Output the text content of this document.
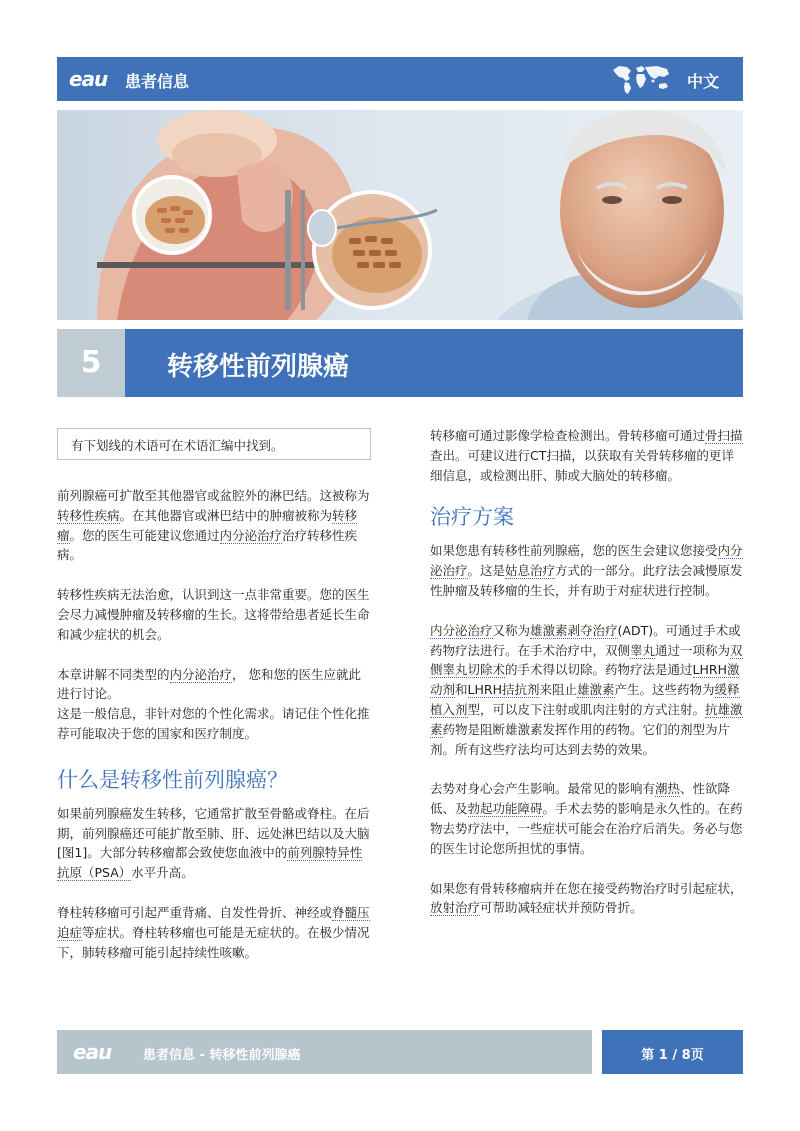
eau 患者信息	中文
5	转移性前列腺癌
有下划线的术语可在术语汇编中找到。

前列腺癌可扩散至其他器官或盆腔外的淋巴结。这被称为转移性疾病。在其他器官或淋巴结中的肿瘤被称为转移瘤。您的医生可能建议您通过内分泌治疗治疗转移性疾病。

转移性疾病无法治愈，认识到这一点非常重要。您的医生会尽力减慢肿瘤及转移瘤的生长。这将带给患者延长生命和减少症状的机会。

本章讲解不同类型的内分泌治疗， 您和您的医生应就此进行讨论。

这是一般信息，非针对您的个性化需求。请记住个性化推荐可能取决于您的国家和医疗制度。

什么是转移性前列腺癌？

如果前列腺癌发生转移，它通常扩散至骨骼或脊柱。在后期，前列腺癌还可能扩散至肺、肝、远处淋巴结以及大脑[图1]。大部分转移瘤都会致使您血液中的前列腺特异性抗原（PSA）水平升高。

脊柱转移瘤可引起严重背痛、自发性骨折、神经或脊髓压迫症等症状。脊柱转移瘤也可能是无症状的。在极少情况下，肺转移瘤可能引起持续性咳嗽。

转移瘤可通过影像学检查检测出。骨转移瘤可通过骨扫描查出。可建议进行CT扫描，以获取有关骨转移瘤的更详细信息，或检测出肝、肺或大脑处的转移瘤。

治疗方案

如果您患有转移性前列腺癌，您的医生会建议您接受内分泌治疗。这是姑息治疗方式的一部分。此疗法会减慢原发性肿瘤及转移瘤的生长，并有助于对症状进行控制。

内分泌治疗又称为雄激素剥夺治疗(ADT)。可通过手术或药物疗法进行。在手术治疗中，双侧睾丸通过一项称为双侧睾丸切除术的手术得以切除。药物疗法是通过LHRH激动剂和LHRH拮抗剂来阻止雄激素产生。这些药物为缓释植入剂型，可以皮下注射或肌肉注射的方式注射。抗雄激素药物是阻断雄激素发挥作用的药物。它们的剂型为片剂。所有这些疗法均可达到去势的效果。

去势对身心会产生影响。最常见的影响有潮热、性欲降低、及勃起功能障碍。手术去势的影响是永久性的。在药物去势疗法中，一些症状可能会在治疗后消失。务必与您的医生讨论您所担忧的事情。

如果您有骨转移瘤病并在您在接受药物治疗时引起症状，放射治疗可帮助减轻症状并预防骨折。

eau 患者信息 - 转移性前列腺癌	第 1 / 8页
